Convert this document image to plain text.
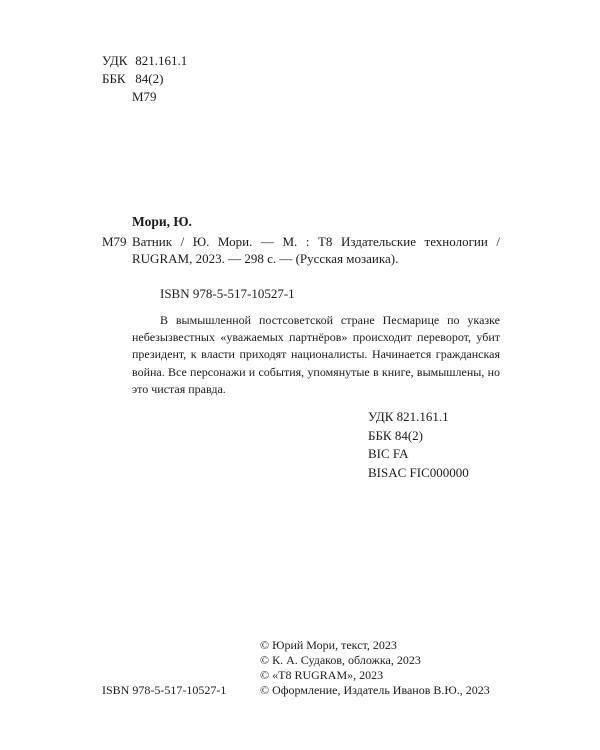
УДК 821.161.1
ББК 84(2)
М79
Мори, Ю.
М79 Ватник / Ю. Мори. — М. : Т8 Издательские технологии / RUGRAM, 2023. — 298 с. — (Русская мозаика).
ISBN 978-5-517-10527-1
В вымышленной постсоветской стране Песмарице по указке небезызвестных «уважаемых партнёров» происходит переворот, убит президент, к власти приходят националисты. Начинается гражданская война. Все персонажи и события, упомянутые в книге, вымышлены, но это чистая правда.
УДК 821.161.1
ББК 84(2)
BIC FA
BISAC FIC000000
© Юрий Мори, текст, 2023
© К. А. Судаков, обложка, 2023
© «Т8 RUGRAM», 2023
© Оформление, Издатель Иванов В.Ю., 2023
ISBN 978-5-517-10527-1
